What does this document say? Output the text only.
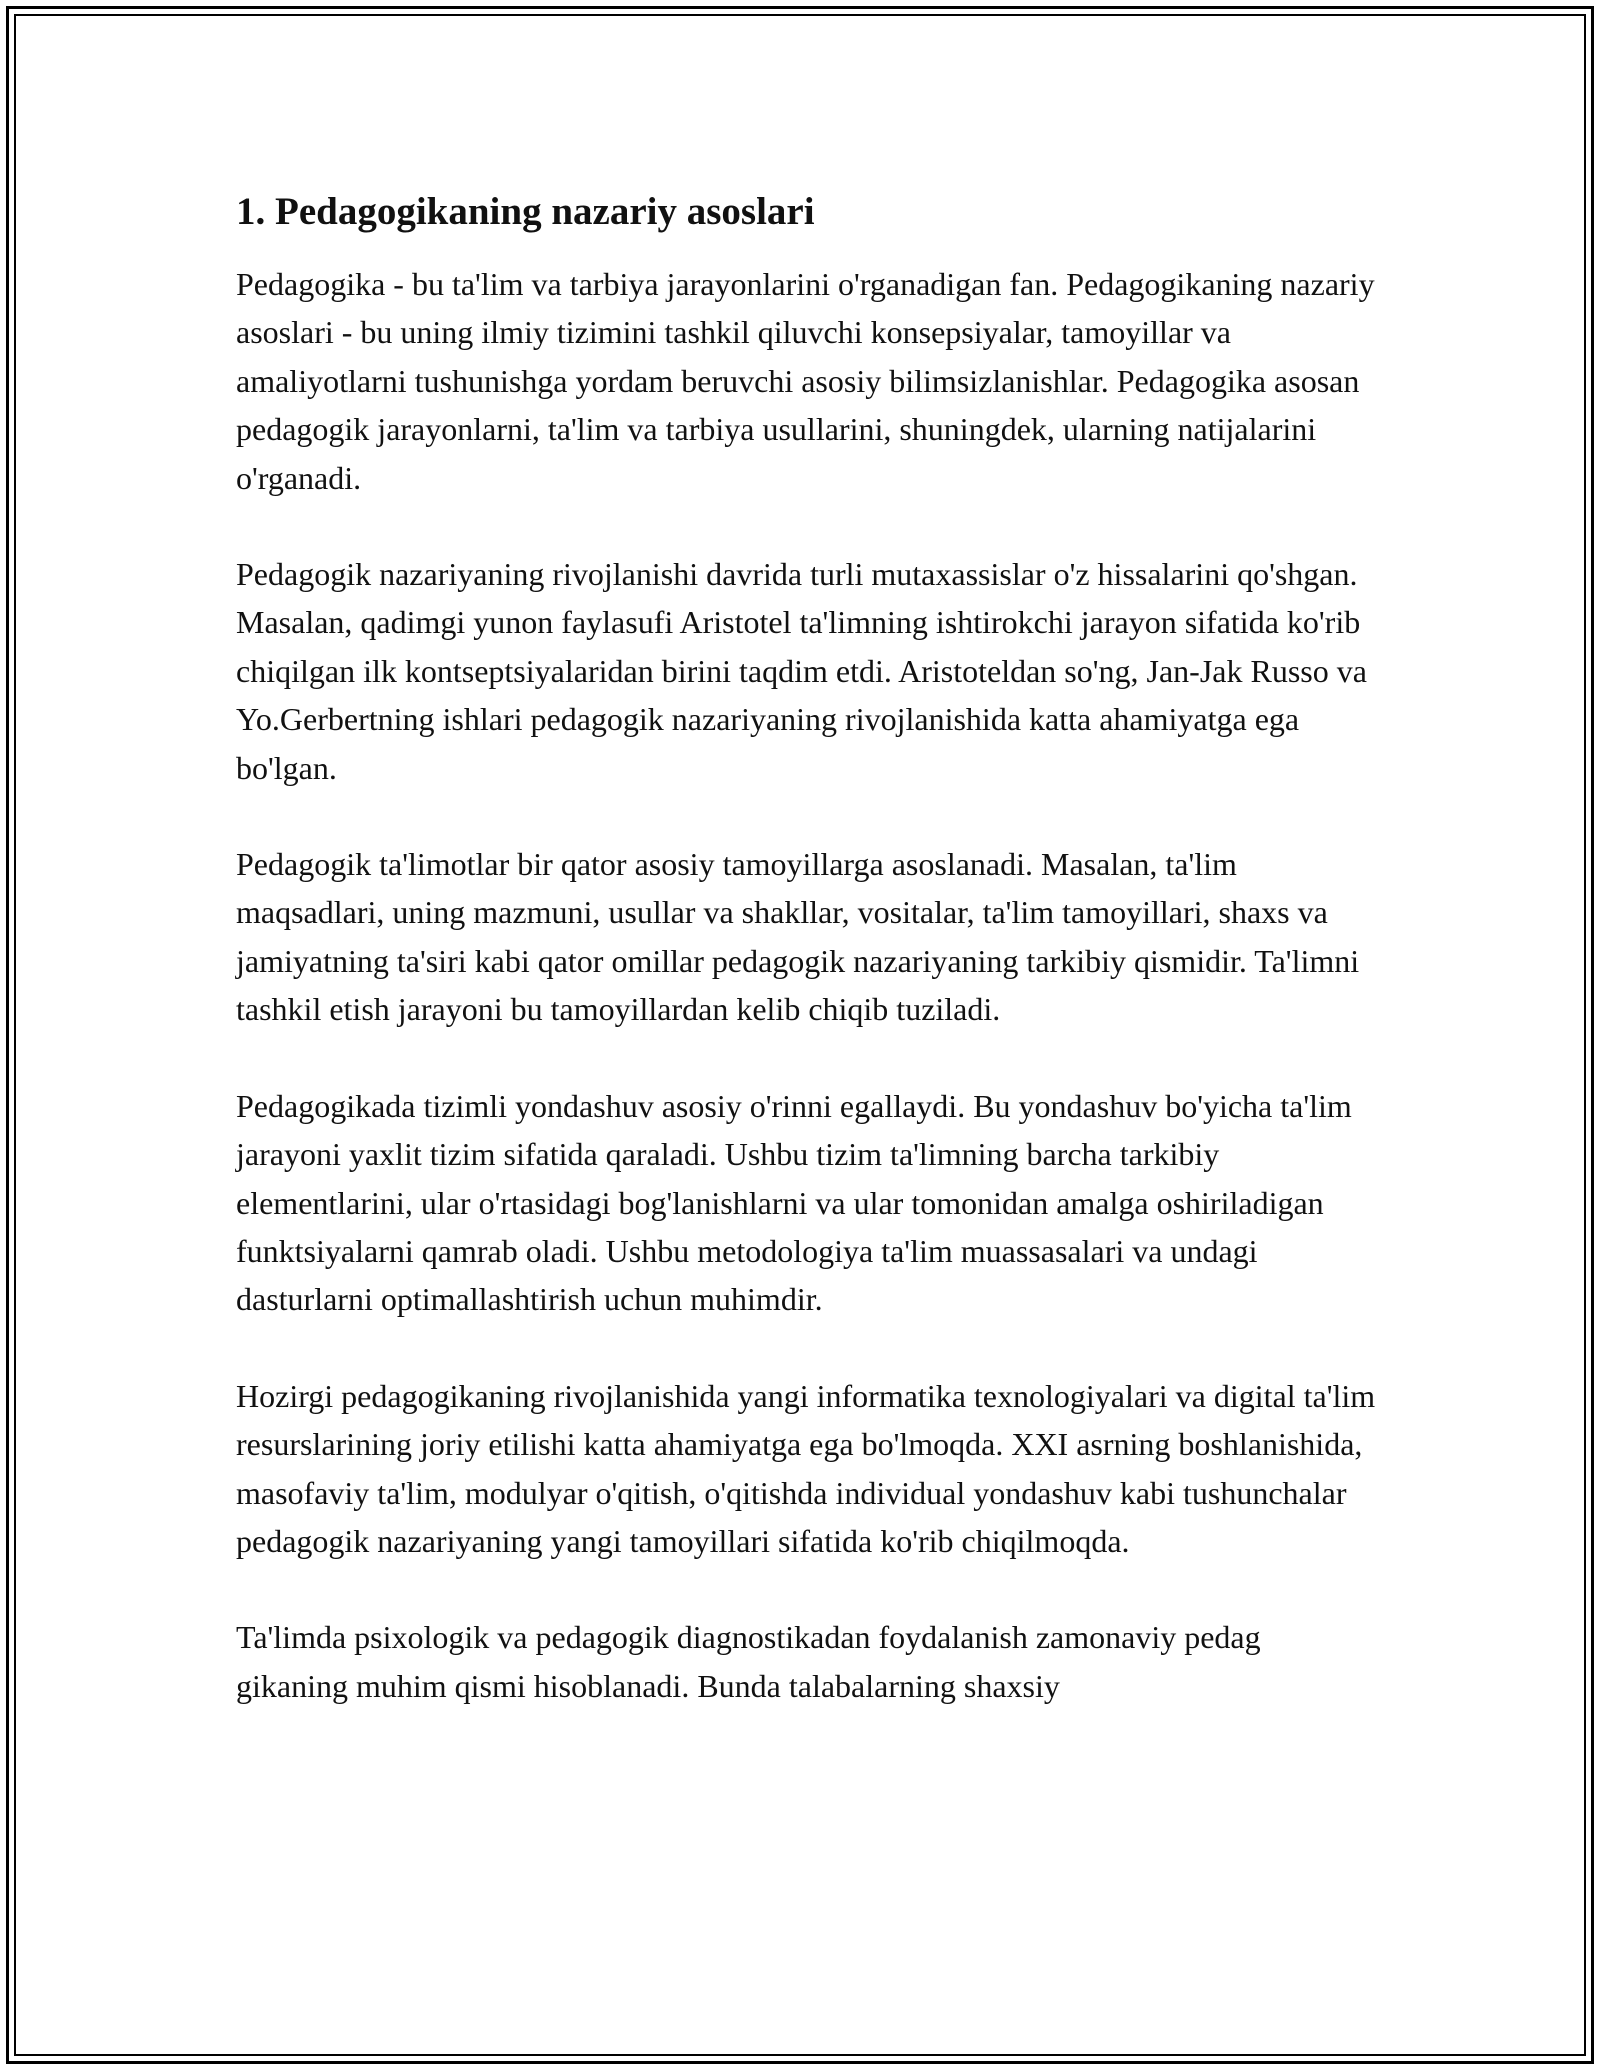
1. Pedagogikaning nazariy asoslari

Pedagogika - bu ta'lim va tarbiya jarayonlarini o'rganadigan fan. Pedagogikaning nazariy asoslari - bu uning ilmiy tizimini tashkil qiluvchi konsepsiyalar, tamoyillar va amaliyotlarni tushunishga yordam beruvchi asosiy bilimsizlanishlar. Pedagogika asosan pedagogik jarayonlarni, ta'lim va tarbiya usullarini, shuningdek, ularning natijalarini o'rganadi.

Pedagogik nazariyaning rivojlanishi davrida turli mutaxassislar o'z hissalarini qo'shgan. Masalan, qadimgi yunon faylasufi Aristotel ta'limning ishtirokchi jarayon sifatida ko'rib chiqilgan ilk kontseptsiyalaridan birini taqdim etdi. Aristoteldan so'ng, Jan-Jak Russo va Yo.Gerbertning ishlari pedagogik nazariyaning rivojlanishida katta ahamiyatga ega bo'lgan.

Pedagogik ta'limotlar bir qator asosiy tamoyillarga asoslanadi. Masalan, ta'lim maqsadlari, uning mazmuni, usullar va shakllar, vositalar, ta'lim tamoyillari, shaxs va jamiyatning ta'siri kabi qator omillar pedagogik nazariyaning tarkibiy qismidir. Ta'limni tashkil etish jarayoni bu tamoyillardan kelib chiqib tuziladi.

Pedagogikada tizimli yondashuv asosiy o'rinni egallaydi. Bu yondashuv bo'yicha ta'lim jarayoni yaxlit tizim sifatida qaraladi. Ushbu tizim ta'limning barcha tarkibiy elementlarini, ular o'rtasidagi bog'lanishlarni va ular tomonidan amalga oshiriladigan funktsiyalarni qamrab oladi. Ushbu metodologiya ta'lim muassasalari va undagi dasturlarni optimallashtirish uchun muhimdir.

Hozirgi pedagogikaning rivojlanishida yangi informatika texnologiyalari va digital ta'lim resurslarining joriy etilishi katta ahamiyatga ega bo'lmoqda. XXI asrning boshlanishida, masofaviy ta'lim, modulyar o'qitish, o'qitishda individual yondashuv kabi tushunchalar pedagogik nazariyaning yangi tamoyillari sifatida ko'rib chiqilmoqda.

Ta'limda psixologik va pedagogik diagnostikadan foydalanish zamonaviy pedag gikaning muhim qismi hisoblanadi. Bunda talabalarning shaxsiy
